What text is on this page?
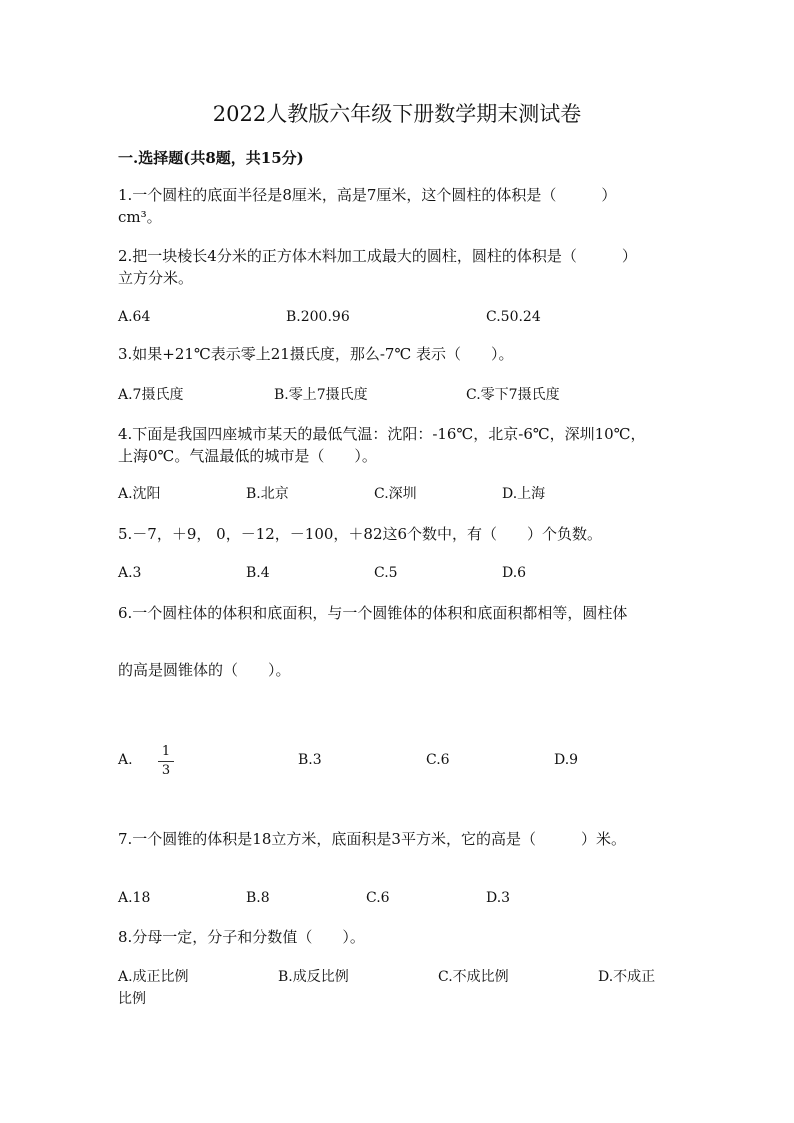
2022人教版六年级下册数学期末测试卷
一.选择题(共8题，共15分)
1.一个圆柱的底面半径是8厘米，高是7厘米，这个圆柱的体积是（　　　）
cm³。
2.把一块棱长4分米的正方体木料加工成最大的圆柱，圆柱的体积是（　　　）
立方分米。
A.64	B.200.96	C.50.24
3.如果+21℃表示零上21摄氏度，那么-7℃ 表示（　　）。
A.7摄氏度	B.零上7摄氏度	C.零下7摄氏度
4.下面是我国四座城市某天的最低气温：沈阳：-16℃，北京-6℃，深圳10℃，
上海0℃。气温最低的城市是（　　）。
A.沈阳	B.北京	C.深圳	D.上海
5.－7，＋9， 0，－12，－100，＋82这6个数中，有（　　）个负数。
A.3	B.4	C.5	D.6
6.一个圆柱体的体积和底面积，与一个圆锥体的体积和底面积都相等，圆柱体
的高是圆锥体的（　　）。
A.
1
3
B.3	C.6	D.9
7.一个圆锥的体积是18立方米，底面积是3平方米，它的高是（　　　）米。
A.18	B.8	C.6	D.3
8.分母一定，分子和分数值（　　）。
A.成正比例	B.成反比例	C.不成比例	D.不成正
比例
